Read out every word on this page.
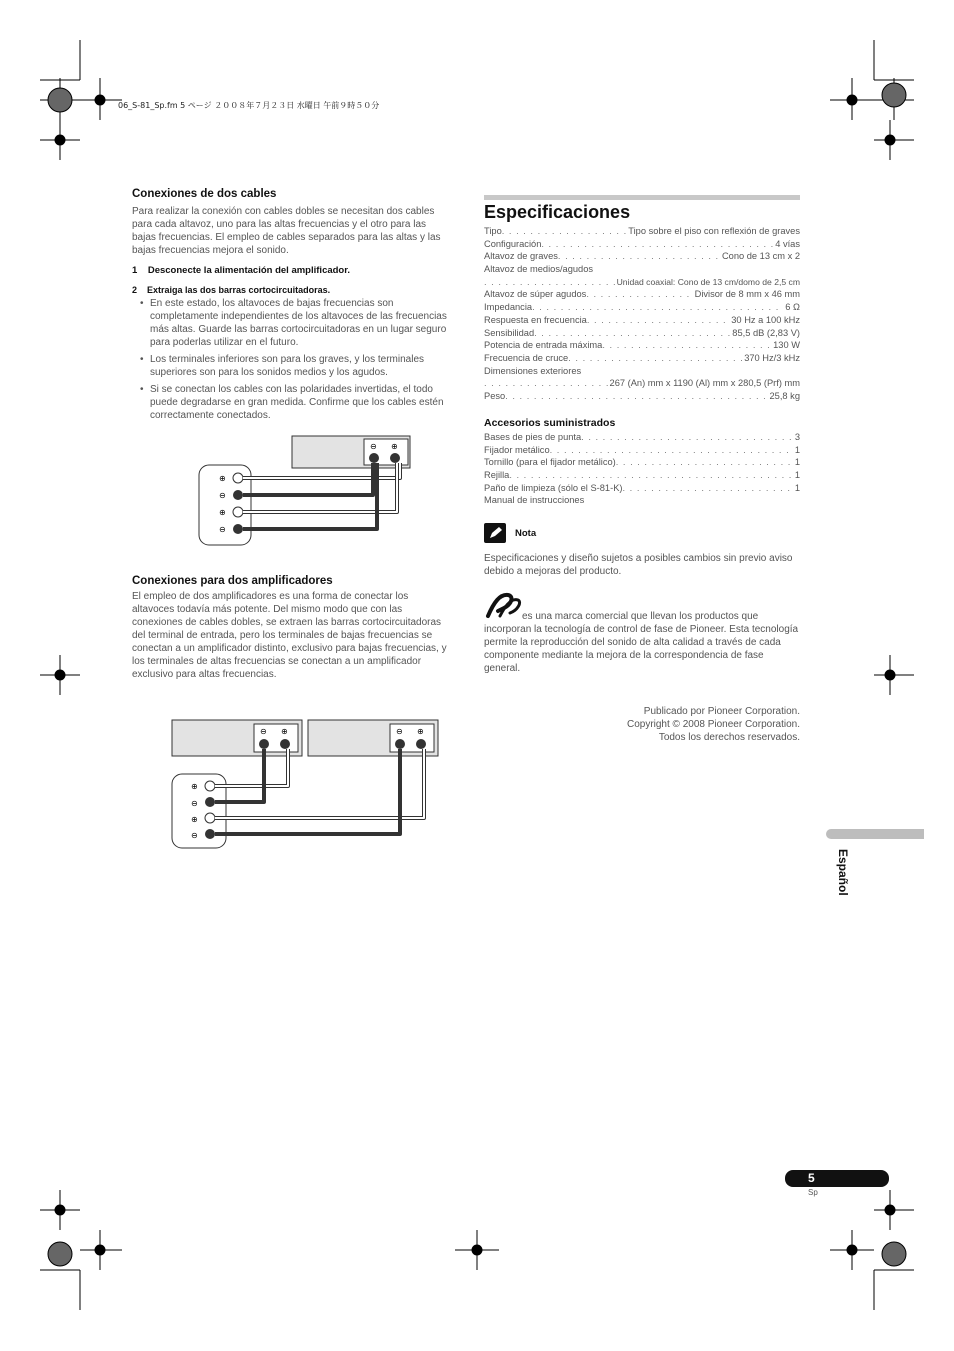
06_S-81_Sp.fm 5 ページ ２００８年７月２３日 水曜日 午前９時５０分
Conexiones de dos cables
Para realizar la conexión con cables dobles se necesitan dos cables para cada altavoz, uno para las altas frecuencias y el otro para las bajas frecuencias. El empleo de cables separados para las altas y las bajas frecuencias mejora el sonido.
1    Desconecte la alimentación del amplificador.
2    Extraiga las dos barras cortocircuitadoras.
• En este estado, los altavoces de bajas frecuencias son completamente independientes de los altavoces de las frecuencias más altas. Guarde las barras cortocircuitadoras en un lugar seguro para poderlas utilizar en el futuro.
• Los terminales inferiores son para los graves, y los terminales superiores son para los sonidos medios y los agudos.
• Si se conectan los cables con las polaridades invertidas, el todo puede degradarse en gran medida. Confirme que los cables estén correctamente conectados.
⊖ ⊕
⊕
⊖
⊕
⊖
Conexiones para dos amplificadores
El empleo de dos amplificadores es una forma de conectar los altavoces todavía más potente. Del mismo modo que con las conexiones de cables dobles, se extraen las barras cortocircuitadoras del terminal de entrada, pero los terminales de bajas frecuencias se conectan a un amplificador distinto, exclusivo para bajas frecuencias, y los terminales de altas frecuencias se conectan a un amplificador exclusivo para altas frecuencias.
⊖ ⊕	⊖ ⊕
⊕
⊖
⊕
⊖
Especificaciones
Tipo . . .	Tipo sobre el piso con reflexión de graves
Configuración . . .	4 vías
Altavoz de graves . . .	Cono de 13 cm x 2
Altavoz de medios/agudos
. . .
Unidad coaxial: Cono de 13 cm/domo de 2,5 cm
Altavoz de súper agudos . . .	Divisor de 8 mm x 46 mm
Impedancia . . .	6 Ω
Respuesta en frecuencia . . .	30 Hz a 100 kHz
Sensibilidad . . .	85,5 dB (2,83 V)
Potencia de entrada máxima . . .	130 W
Frecuencia de cruce . . .	370 Hz/3 kHz
Dimensiones exteriores
. . .
267 (An) mm x 1190 (Al) mm x 280,5 (Prf) mm
Peso . . .	25,8 kg
Accesorios suministrados
Bases de pies de punta . . .	3
Fijador metálico . . .	1
Tornillo (para el fijador metálico) . . .	1
Rejilla . . .	1
Paño de limpieza (sólo el S-81-K) . . .	1
Manual de instrucciones
Nota
Especificaciones y diseño sujetos a posibles cambios sin previo aviso debido a mejoras del producto.
es una marca comercial que llevan los productos que incorporan la tecnología de control de fase de Pioneer. Esta tecnología permite la reproducción del sonido de alta calidad a través de cada componente mediante la mejora de la correspondencia de fase general.
Publicado por Pioneer Corporation.
Copyright © 2008 Pioneer Corporation.
Todos los derechos reservados.
Español
5
Sp
